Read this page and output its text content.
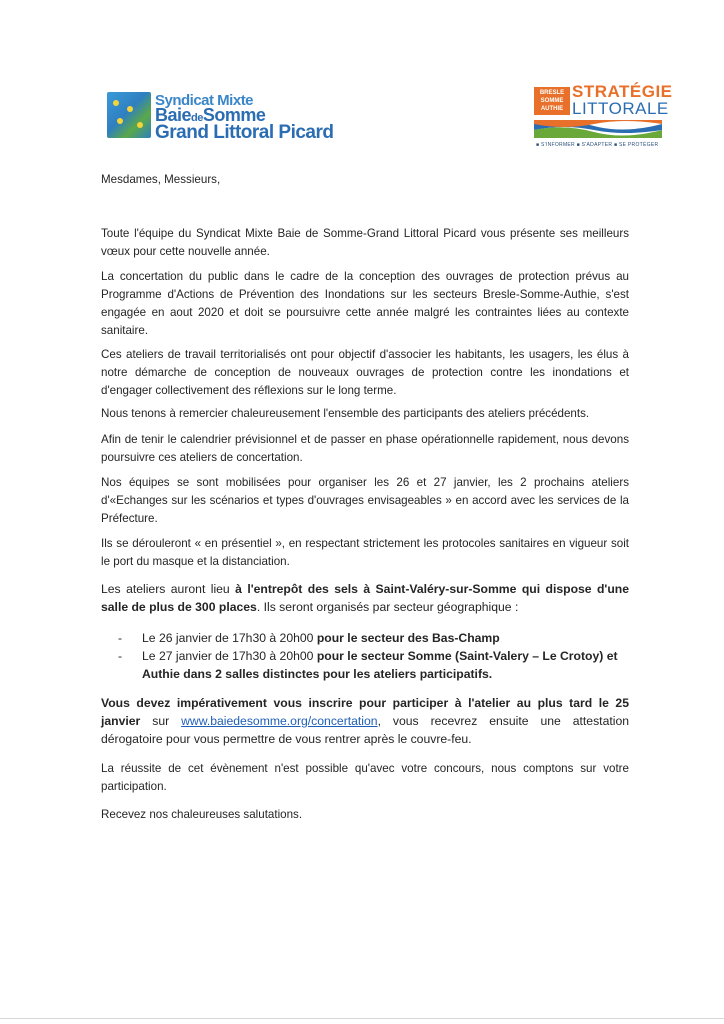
Syndicat Mixte
BaiedeSomme
Grand Littoral Picard
BRESLE
SOMME
AUTHIE
STRATÉGIE
LITTORALE
■ S'INFORMER ■ S'ADAPTER ■ SE PROTÉGER
Mesdames, Messieurs,
Toute l'équipe du Syndicat Mixte Baie de Somme-Grand Littoral Picard vous présente ses meilleurs vœux pour cette nouvelle année.
La concertation du public dans le cadre de la conception des ouvrages de protection prévus au Programme d'Actions de Prévention des Inondations sur les secteurs Bresle-Somme-Authie, s'est engagée en aout 2020 et doit se poursuivre cette année malgré les contraintes liées au contexte sanitaire.
Ces ateliers de travail territorialisés ont pour objectif d'associer les habitants, les usagers, les élus à notre démarche de conception de nouveaux ouvrages de protection contre les inondations et d'engager collectivement des réflexions sur le long terme.
Nous tenons à remercier chaleureusement l'ensemble des participants des ateliers précédents.
Afin de tenir le calendrier prévisionnel et de passer en phase opérationnelle rapidement, nous devons poursuivre ces ateliers de concertation.
Nos équipes se sont mobilisées pour organiser les 26 et 27 janvier, les 2 prochains ateliers d'«Echanges sur les scénarios et types d'ouvrages envisageables » en accord avec les services de la Préfecture.
Ils se dérouleront « en présentiel », en respectant strictement les protocoles sanitaires en vigueur soit le port du masque et la distanciation.
Les ateliers auront lieu à l'entrepôt des sels à Saint-Valéry-sur-Somme qui dispose d'une salle de plus de 300 places. Ils seront organisés par secteur géographique :
- Le 26 janvier de 17h30 à 20h00 pour le secteur des Bas-Champ
- Le 27 janvier de 17h30 à 20h00 pour le secteur Somme (Saint-Valery – Le Crotoy) et Authie dans 2 salles distinctes pour les ateliers participatifs.
Vous devez impérativement vous inscrire pour participer à l'atelier au plus tard le 25 janvier sur www.baiedesomme.org/concertation, vous recevrez ensuite une attestation dérogatoire pour vous permettre de vous rentrer après le couvre-feu.
La réussite de cet évènement n'est possible qu'avec votre concours, nous comptons sur votre participation.
Recevez nos chaleureuses salutations.
